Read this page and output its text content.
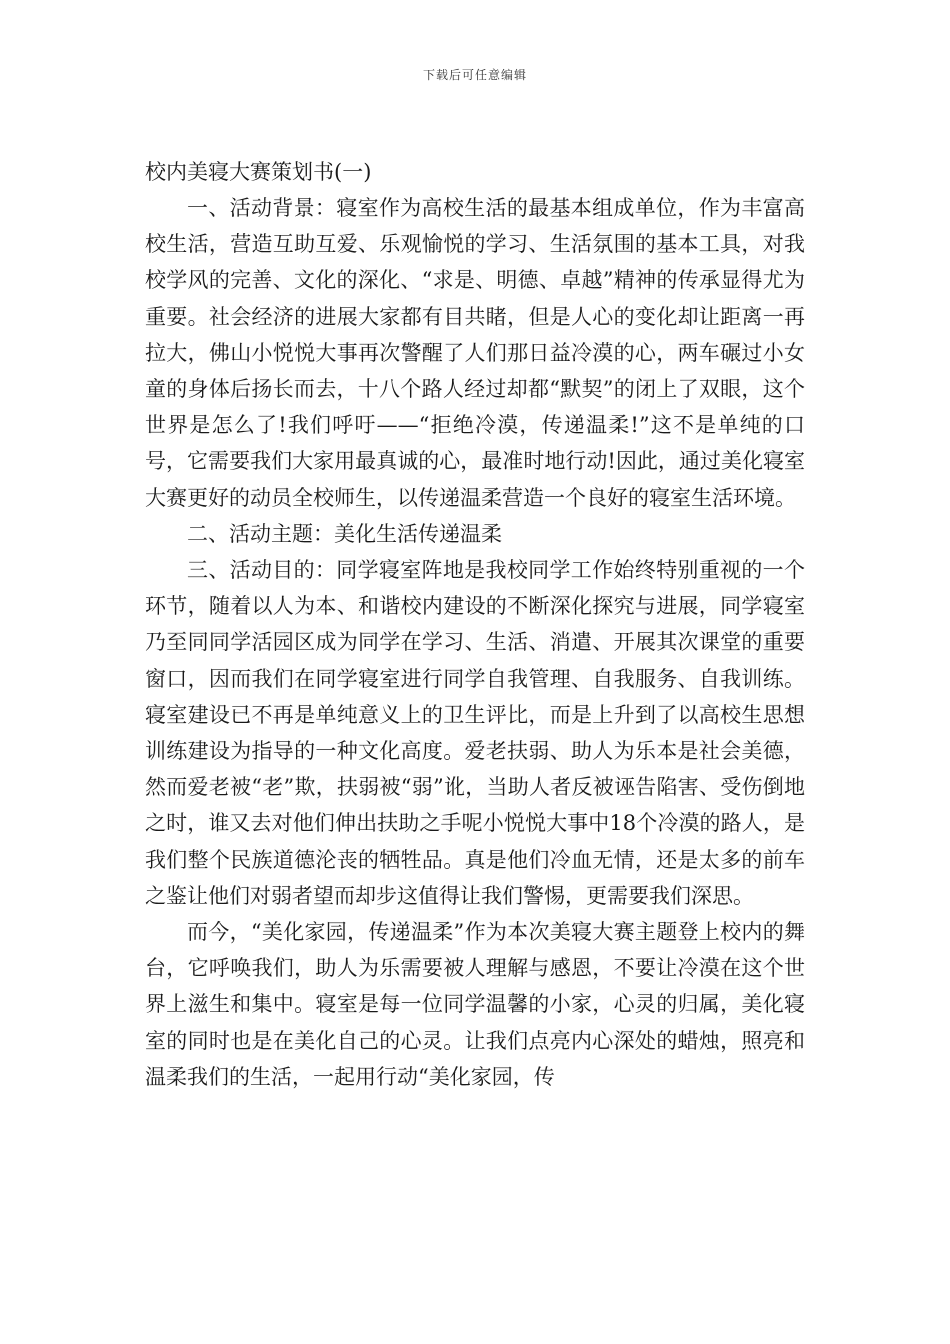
下载后可任意编辑

校内美寝大赛策划书(一)

一、活动背景：寝室作为高校生活的最基本组成单位，作为丰富高校生活，营造互助互爱、乐观愉悦的学习、生活氛围的基本工具，对我校学风的完善、文化的深化、“求是、明德、卓越”精神的传承显得尤为重要。社会经济的进展大家都有目共睹，但是人心的变化却让距离一再拉大，佛山小悦悦大事再次警醒了人们那日益冷漠的心，两车碾过小女童的身体后扬长而去，十八个路人经过却都“默契”的闭上了双眼，这个世界是怎么了!我们呼吁——“拒绝冷漠，传递温柔!”这不是单纯的口号，它需要我们大家用最真诚的心，最准时地行动!因此，通过美化寝室大赛更好的动员全校师生，以传递温柔营造一个良好的寝室生活环境。

二、活动主题：美化生活传递温柔

三、活动目的：同学寝室阵地是我校同学工作始终特别重视的一个环节，随着以人为本、和谐校内建设的不断深化探究与进展，同学寝室乃至同同学活园区成为同学在学习、生活、消遣、开展其次课堂的重要窗口，因而我们在同学寝室进行同学自我管理、自我服务、自我训练。寝室建设已不再是单纯意义上的卫生评比，而是上升到了以高校生思想训练建设为指导的一种文化高度。爱老扶弱、助人为乐本是社会美德，然而爱老被“老”欺，扶弱被“弱”讹，当助人者反被诬告陷害、受伤倒地之时，谁又去对他们伸出扶助之手呢小悦悦大事中18个冷漠的路人，是我们整个民族道德沦丧的牺牲品。真是他们冷血无情，还是太多的前车之鉴让他们对弱者望而却步这值得让我们警惕，更需要我们深思。

而今，“美化家园，传递温柔”作为本次美寝大赛主题登上校内的舞台，它呼唤我们，助人为乐需要被人理解与感恩，不要让冷漠在这个世界上滋生和集中。寝室是每一位同学温馨的小家，心灵的归属，美化寝室的同时也是在美化自己的心灵。让我们点亮内心深处的蜡烛，照亮和温柔我们的生活，一起用行动“美化家园，传
